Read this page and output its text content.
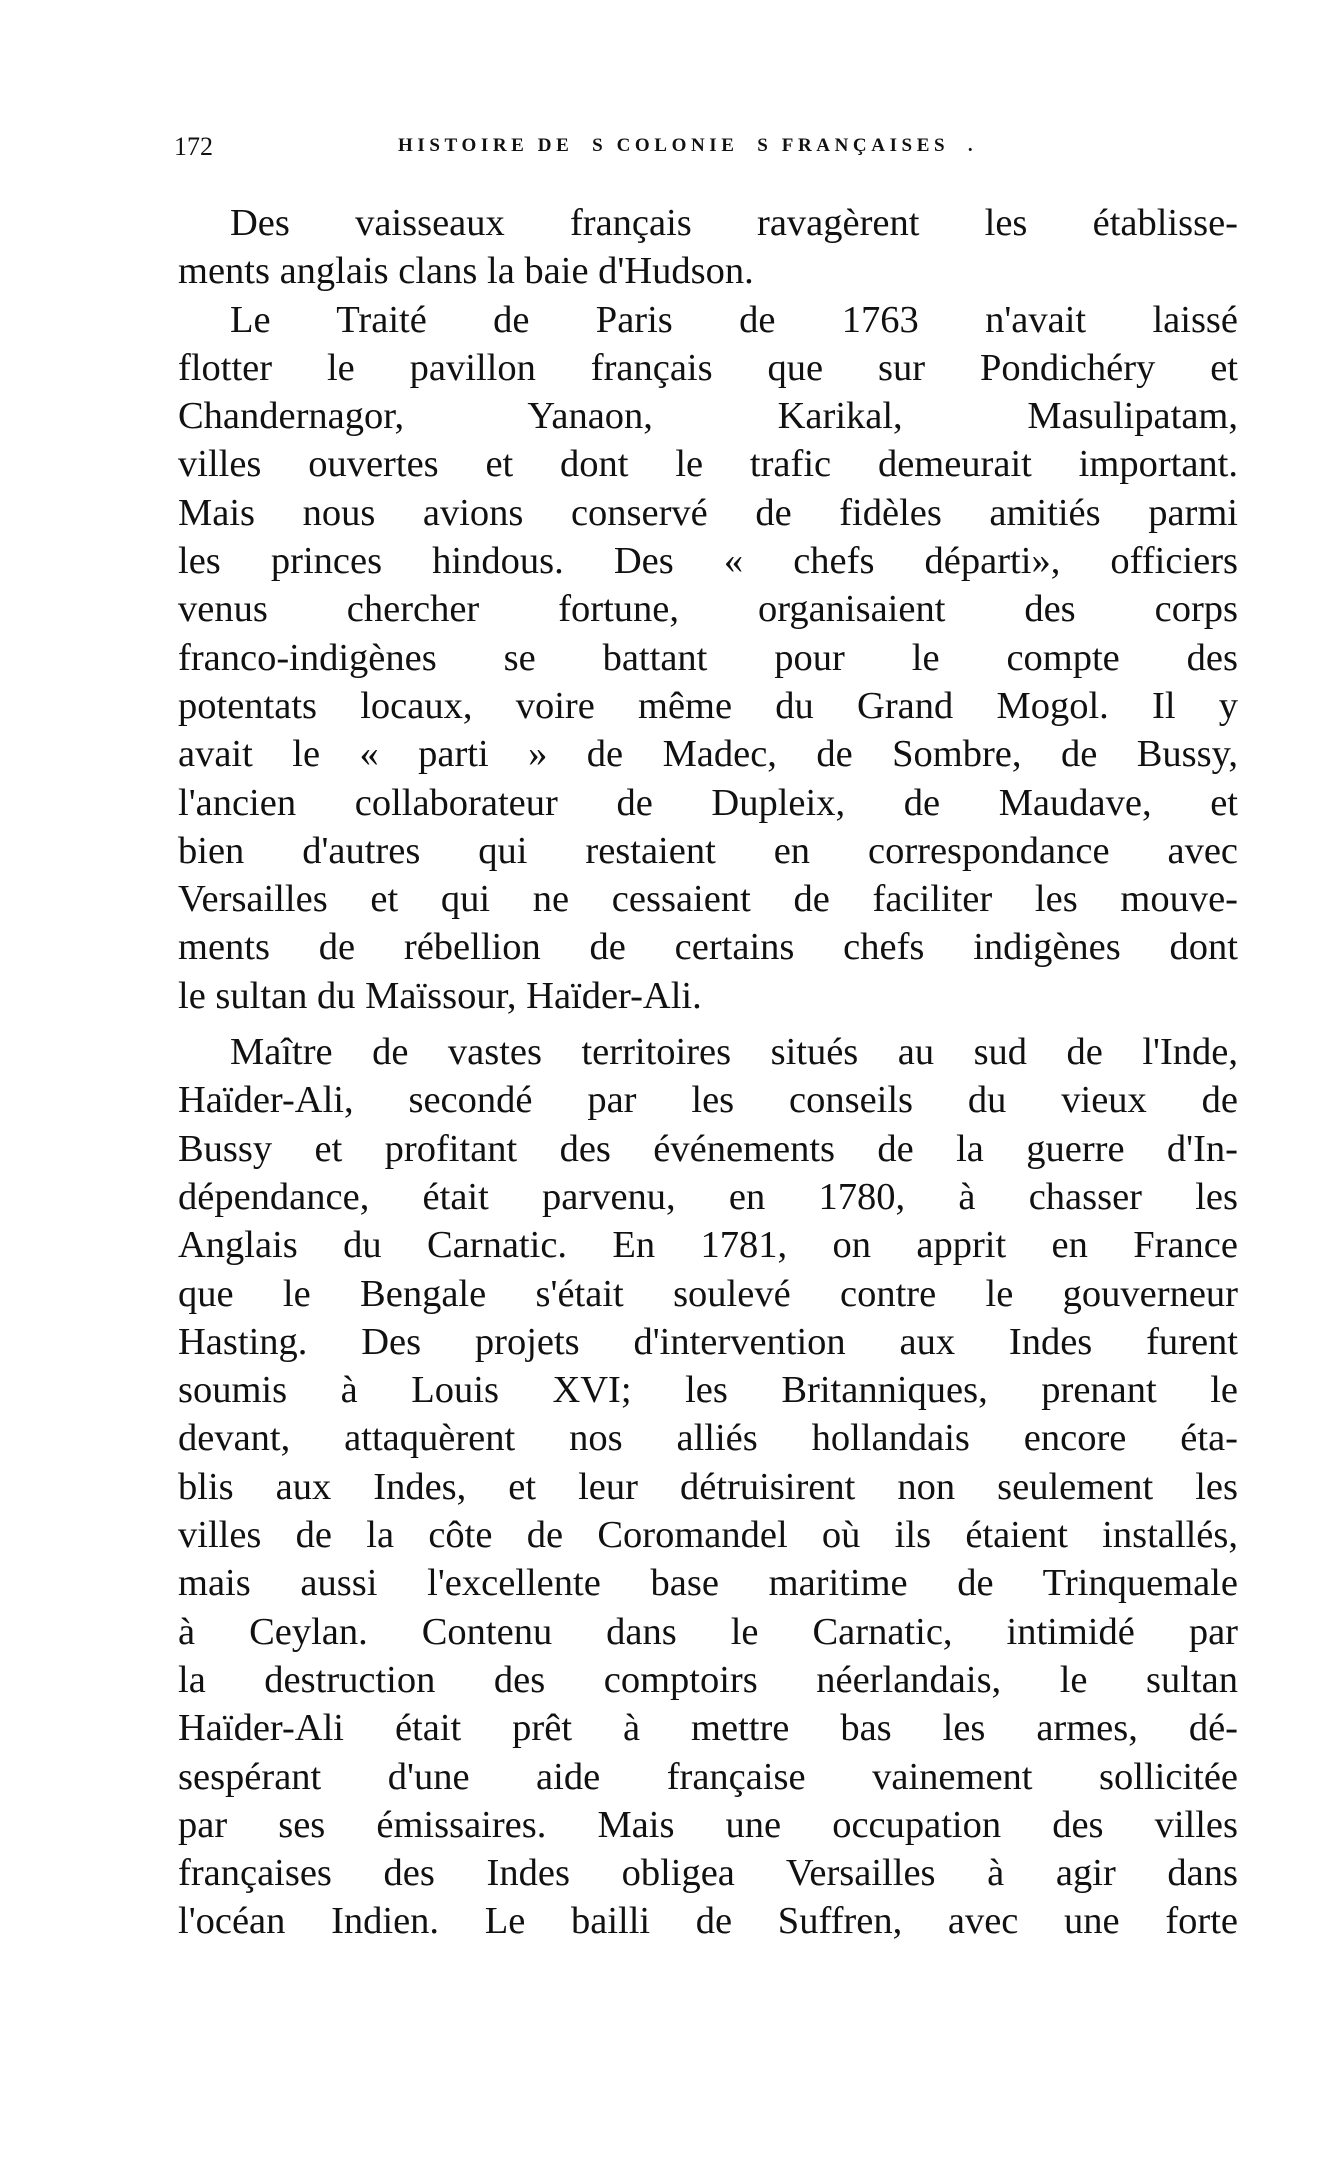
172	HISTOIRE DE  S COLONIE  S FRANÇAISES  .
Des vaisseaux français ravagèrent les établisse-
ments anglais clans la baie d'Hudson.
Le Traité de Paris de 1763 n'avait laissé
flotter le pavillon français que sur Pondichéry et
Chandernagor, Yanaon, Karikal, Masulipatam,
villes ouvertes et dont le trafic demeurait important.
Mais nous avions conservé de fidèles amitiés parmi
les princes hindous. Des « chefs départi», officiers
venus chercher fortune, organisaient des corps
franco-indigènes se battant pour le compte des
potentats locaux, voire même du Grand Mogol. Il y
avait le « parti » de Madec, de Sombre, de Bussy,
l'ancien collaborateur de Dupleix, de Maudave, et
bien d'autres qui restaient en correspondance avec
Versailles et qui ne cessaient de faciliter les mouve-
ments de rébellion de certains chefs indigènes dont
le sultan du Maïssour, Haïder-Ali.
Maître de vastes territoires situés au sud de l'Inde,
Haïder-Ali, secondé par les conseils du vieux de
Bussy et profitant des événements de la guerre d'In-
dépendance, était parvenu, en 1780, à chasser les
Anglais du Carnatic. En 1781, on apprit en France
que le Bengale s'était soulevé contre le gouverneur
Hasting. Des projets d'intervention aux Indes furent
soumis à Louis XVI; les Britanniques, prenant le
devant, attaquèrent nos alliés hollandais encore éta-
blis aux Indes, et leur détruisirent non seulement les
villes de la côte de Coromandel où ils étaient installés,
mais aussi l'excellente base maritime de Trinquemale
à Ceylan. Contenu dans le Carnatic, intimidé par
la destruction des comptoirs néerlandais, le sultan
Haïder-Ali était prêt à mettre bas les armes, dé-
sespérant d'une aide française vainement sollicitée
par ses émissaires. Mais une occupation des villes
françaises des Indes obligea Versailles à agir dans
l'océan Indien. Le bailli de Suffren, avec une forte
